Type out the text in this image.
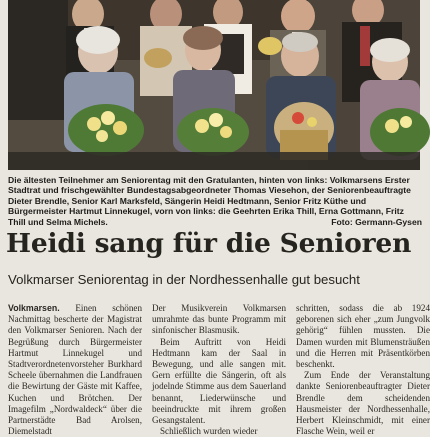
Die ältesten Teilnehmer am Seniorentag mit den Gratulanten, hinten von links: Volkmarsens Erster Stadtrat und frischgewählter Bundestagsabgeordneter Thomas Viesehon, der Seniorenbeauftragte Dieter Brendle, Senior Karl Marksfeld, Sängerin Heidi Hedtmann, Senior Fritz Küthe und Bürgermeister Hartmut Linnekugel, vorn von links: die Geehrten Erika Thill, Erna Gottmann, Fritz Thill und Selma Michels.	Foto: Germann-Gysen
Heidi sang für die Senioren
Volkmarser Seniorentag in der Nordhessenhalle gut besucht

Volkmarsen. Einen schönen Nachmittag bescherte der Magistrat den Volkmarser Senioren. Nach der Begrüßung durch Bürgermeister Hartmut Linnekugel und Stadtverordnetenvorsteher Burkhard Scheele übernahmen die Landfrauen die Bewirtung der Gäste mit Kaffee, Kuchen und Brötchen. Der Imagefilm „Nordwaldeck“ über die Partnerstädte Bad Arolsen, Diemelstadt

Der Musikverein Volkmarsen umrahmte das bunte Programm mit sinfonischer Blasmusik.

Beim Auftritt von Heidi Hedtmann kam der Saal in Bewegung, und alle sangen mit. Gern erfüllte die Sängerin, oft als jodelnde Stimme aus dem Sauerland benannt, Liederwünsche und beeindruckte mit ihrem großen Gesangstalent.

Schließlich wurden wieder

schritten, sodass die ab 1924 geborenen sich eher „zum Jungvolk gehörig“ fühlen mussten. Die Damen wurden mit Blumensträußen und die Herren mit Präsentkörben beschenkt.

Zum Ende der Veranstaltung dankte Seniorenbeauftragter Dieter Brendle dem scheidenden Hausmeister der Nordhessenhalle, Herbert Kleinschmidt, mit einer Flasche Wein, weil er
